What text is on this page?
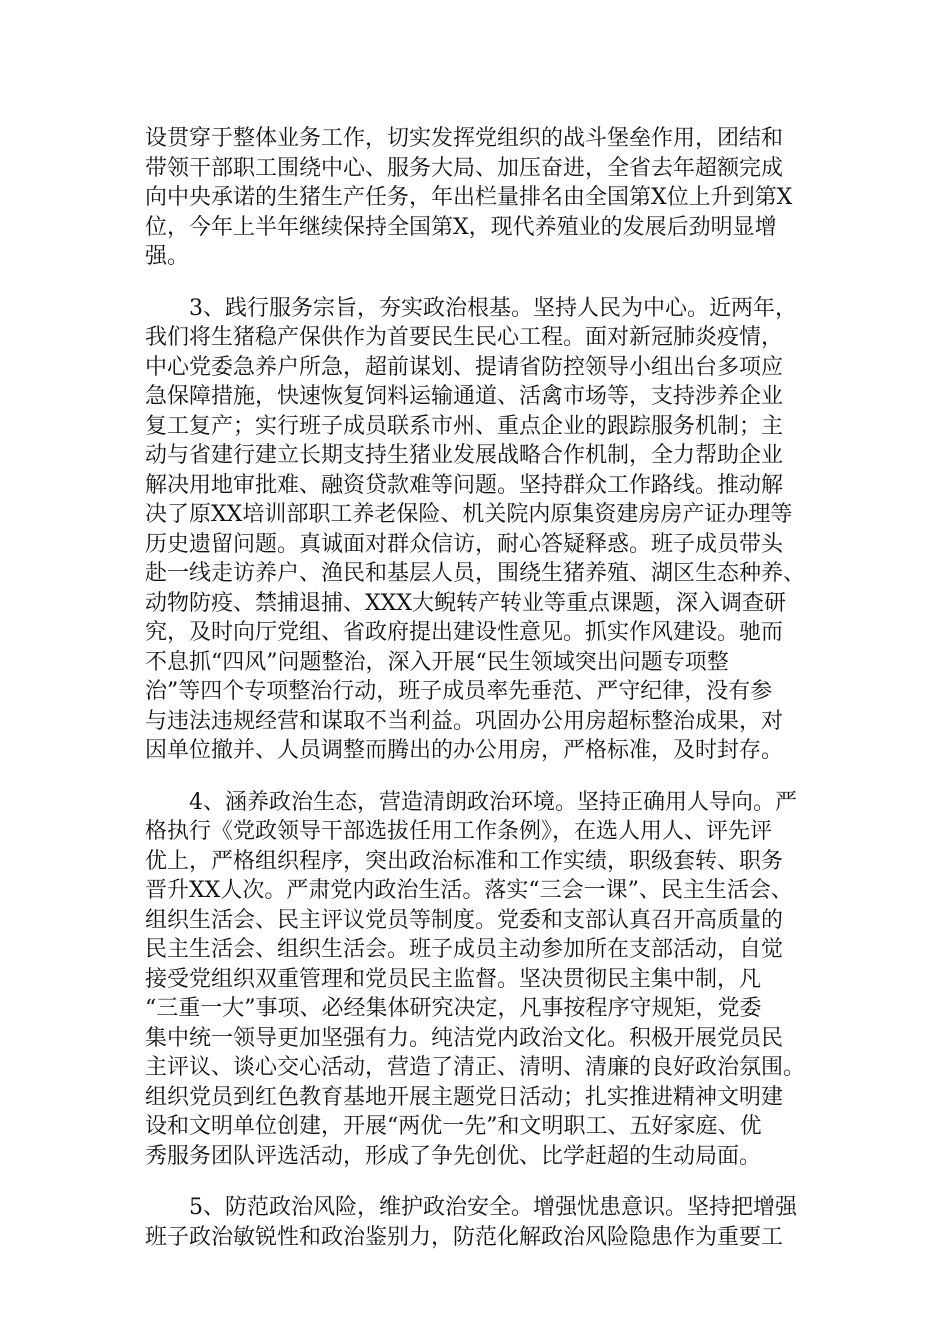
设贯穿于整体业务工作，切实发挥党组织的战斗堡垒作用，团结和
带领干部职工围绕中心、服务大局、加压奋进，全省去年超额完成
向中央承诺的生猪生产任务，年出栏量排名由全国第X位上升到第X
位，今年上半年继续保持全国第X，现代养殖业的发展后劲明显增
强。

　　3、践行服务宗旨，夯实政治根基。坚持人民为中心。近两年，
我们将生猪稳产保供作为首要民生民心工程。面对新冠肺炎疫情，
中心党委急养户所急，超前谋划、提请省防控领导小组出台多项应
急保障措施，快速恢复饲料运输通道、活禽市场等，支持涉养企业
复工复产；实行班子成员联系市州、重点企业的跟踪服务机制；主
动与省建行建立长期支持生猪业发展战略合作机制，全力帮助企业
解决用地审批难、融资贷款难等问题。坚持群众工作路线。推动解
决了原XX培训部职工养老保险、机关院内原集资建房房产证办理等
历史遗留问题。真诚面对群众信访，耐心答疑释惑。班子成员带头
赴一线走访养户、渔民和基层人员，围绕生猪养殖、湖区生态种养、
动物防疫、禁捕退捕、XXX大鲵转产转业等重点课题，深入调查研
究，及时向厅党组、省政府提出建设性意见。抓实作风建设。驰而
不息抓“四风”问题整治，深入开展“民生领域突出问题专项整
治”等四个专项整治行动，班子成员率先垂范、严守纪律，没有参
与违法违规经营和谋取不当利益。巩固办公用房超标整治成果，对
因单位撤并、人员调整而腾出的办公用房，严格标准，及时封存。

　　4、涵养政治生态，营造清朗政治环境。坚持正确用人导向。严
格执行《党政领导干部选拔任用工作条例》，在选人用人、评先评
优上，严格组织程序，突出政治标准和工作实绩，职级套转、职务
晋升XX人次。严肃党内政治生活。落实“三会一课”、民主生活会、
组织生活会、民主评议党员等制度。党委和支部认真召开高质量的
民主生活会、组织生活会。班子成员主动参加所在支部活动，自觉
接受党组织双重管理和党员民主监督。坚决贯彻民主集中制，凡
“三重一大”事项、必经集体研究决定，凡事按程序守规矩，党委
集中统一领导更加坚强有力。纯洁党内政治文化。积极开展党员民
主评议、谈心交心活动，营造了清正、清明、清廉的良好政治氛围。
组织党员到红色教育基地开展主题党日活动；扎实推进精神文明建
设和文明单位创建，开展“两优一先”和文明职工、五好家庭、优
秀服务团队评选活动，形成了争先创优、比学赶超的生动局面。

　　5、防范政治风险，维护政治安全。增强忧患意识。坚持把增强
班子政治敏锐性和政治鉴别力，防范化解政治风险隐患作为重要工
